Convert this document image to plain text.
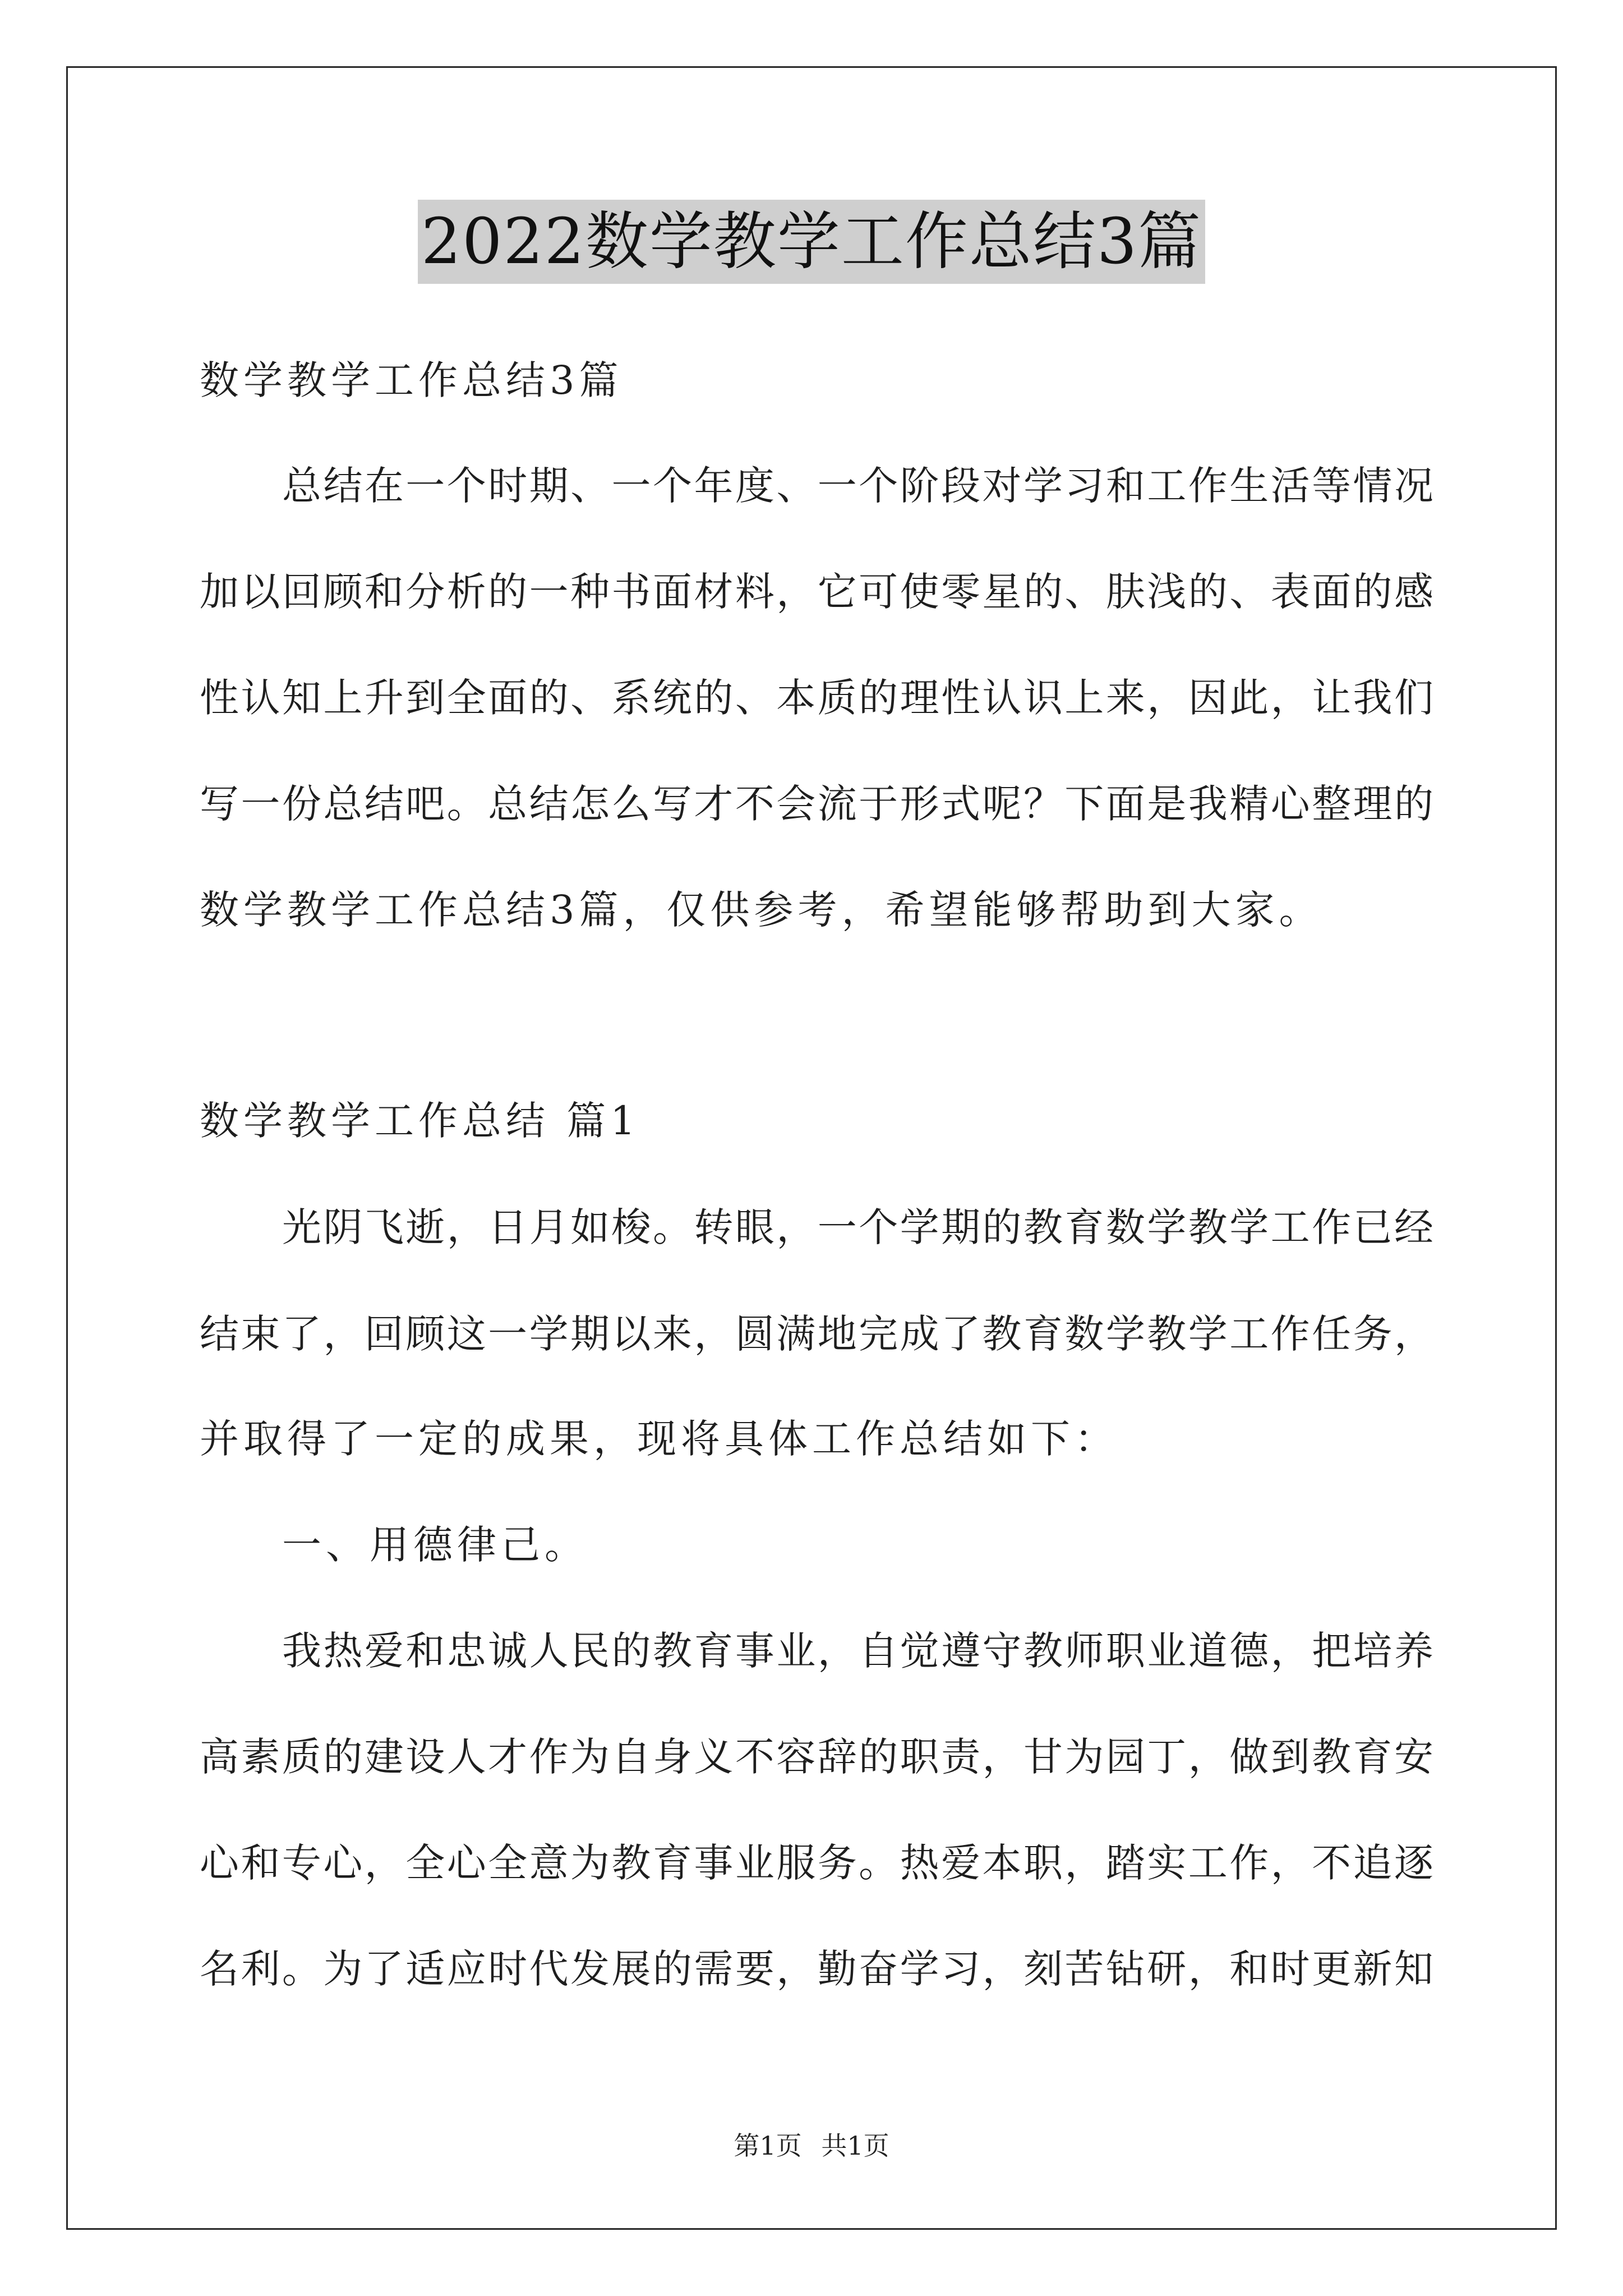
2022数学教学工作总结3篇
数学教学工作总结3篇
总结在一个时期、一个年度、一个阶段对学习和工作生活等情况
加以回顾和分析的一种书面材料，它可使零星的、肤浅的、表面的感
性认知上升到全面的、系统的、本质的理性认识上来，因此，让我们
写一份总结吧。总结怎么写才不会流于形式呢？下面是我精心整理的
数学教学工作总结3篇，仅供参考，希望能够帮助到大家。
数学教学工作总结 篇1
光阴飞逝，日月如梭。转眼，一个学期的教育数学教学工作已经
结束了，回顾这一学期以来，圆满地完成了教育数学教学工作任务，
并取得了一定的成果，现将具体工作总结如下：
一、用德律己。
我热爱和忠诚人民的教育事业，自觉遵守教师职业道德，把培养
高素质的建设人才作为自身义不容辞的职责，甘为园丁，做到教育安
心和专心，全心全意为教育事业服务。热爱本职，踏实工作，不追逐
名利。为了适应时代发展的需要，勤奋学习，刻苦钻研，和时更新知
第1页 共1页
